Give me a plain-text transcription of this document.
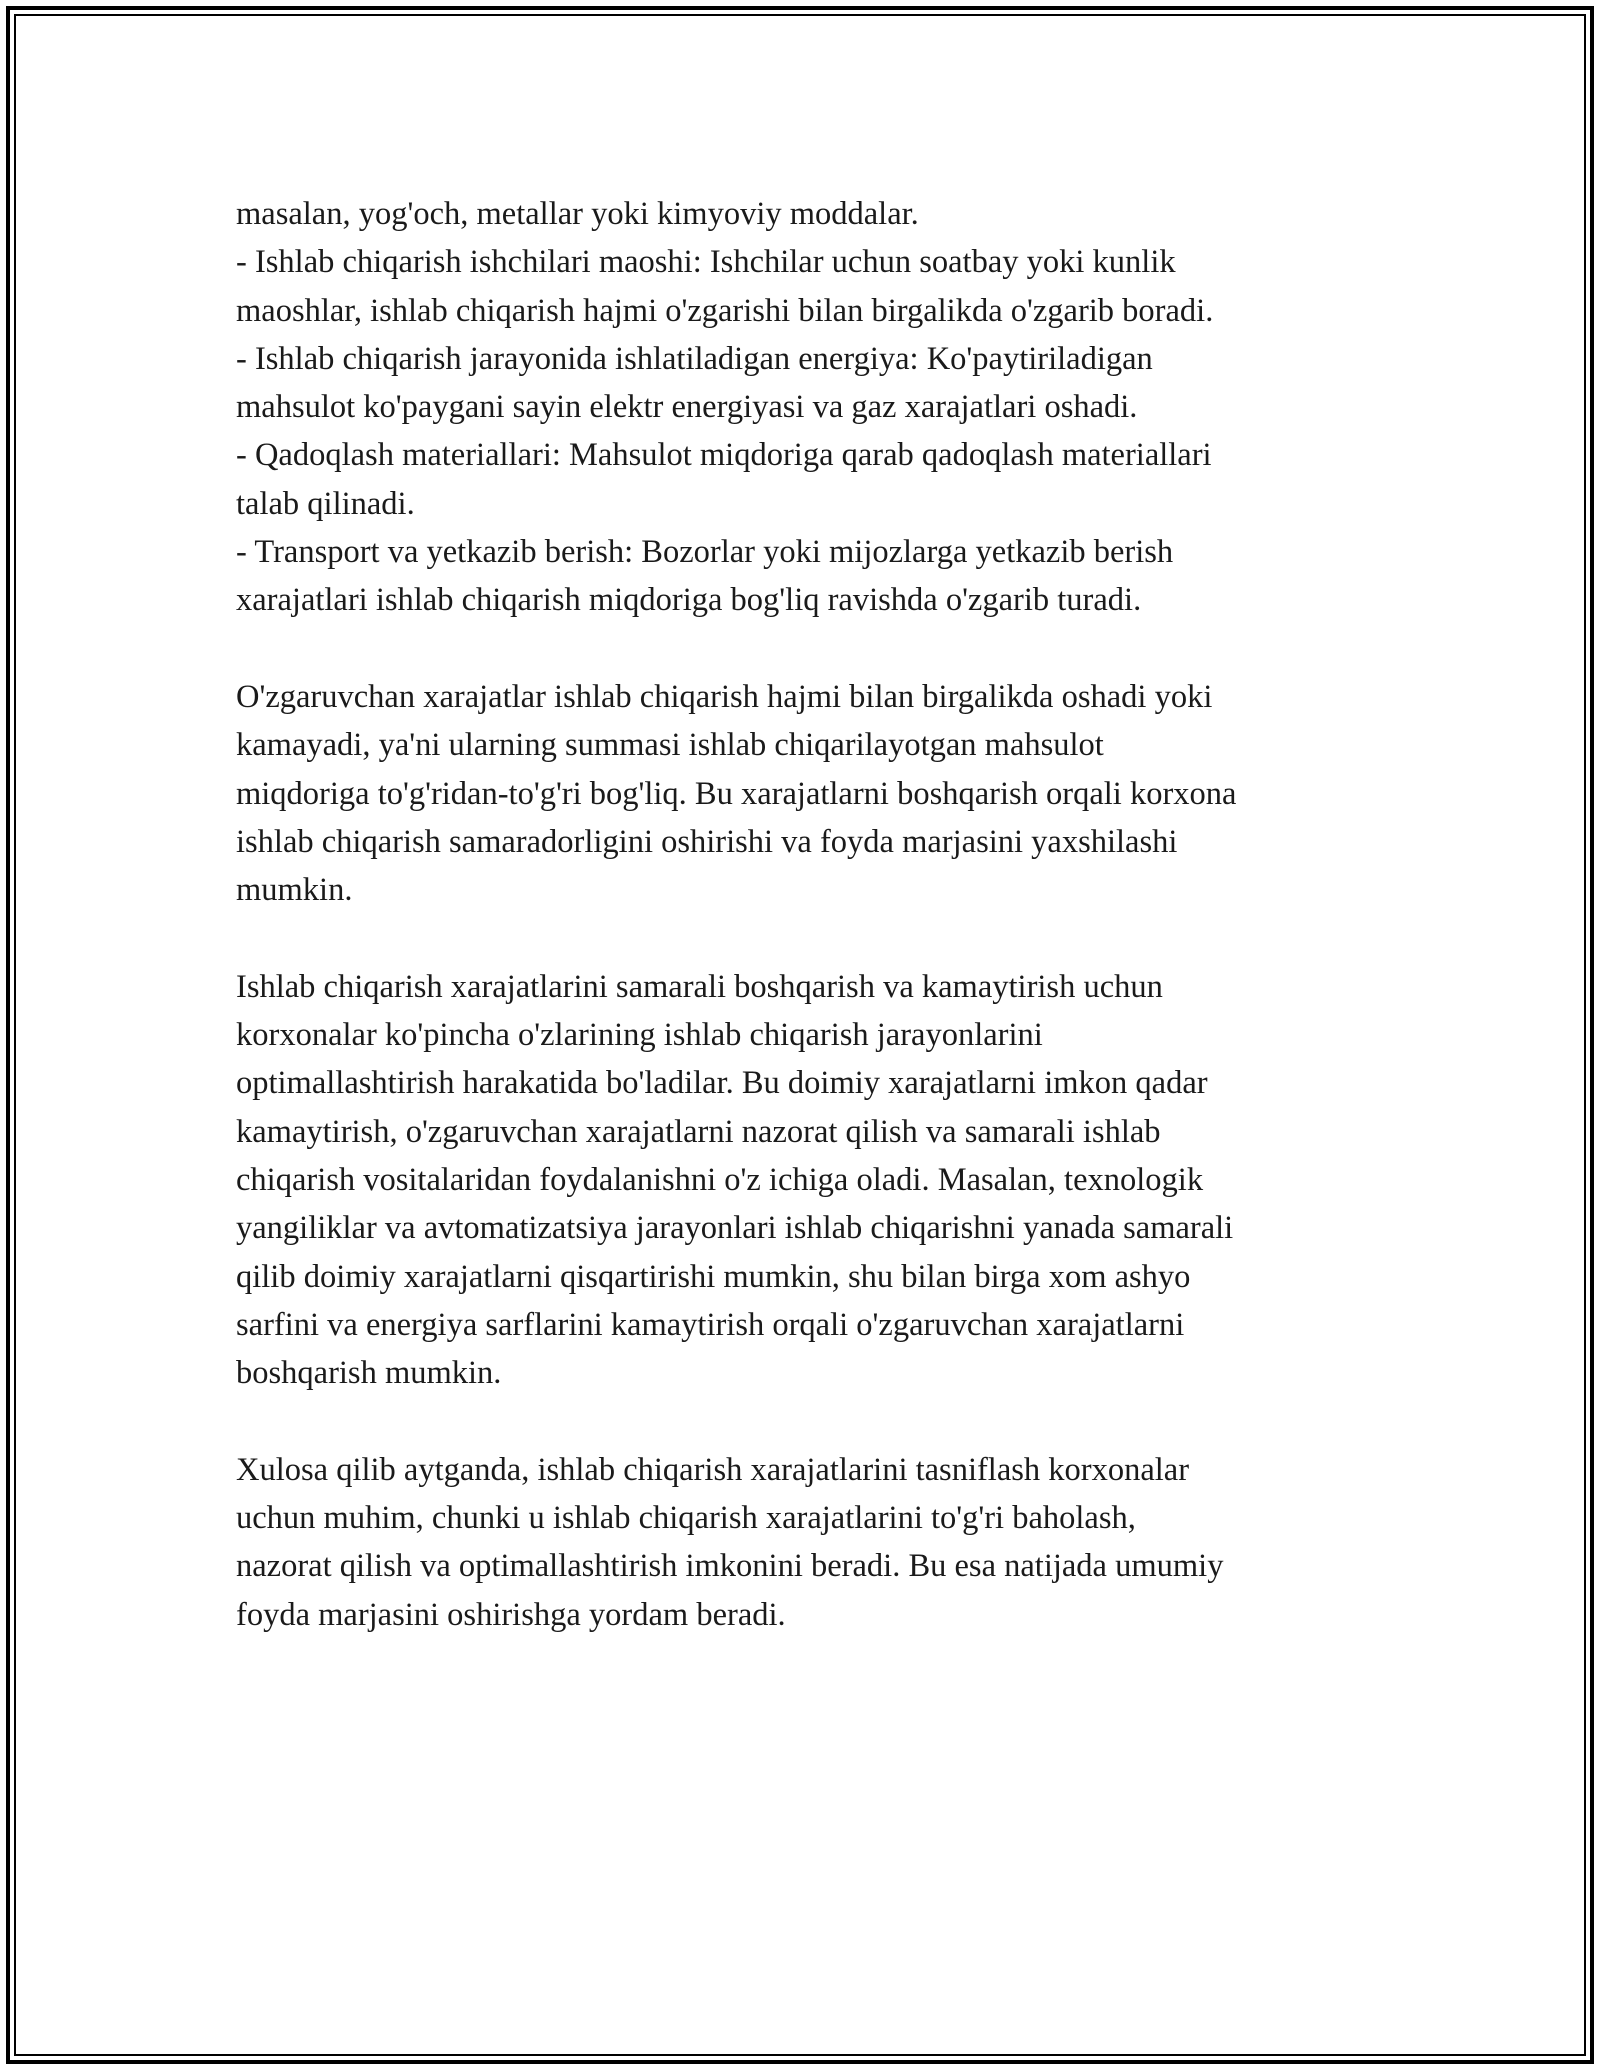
masalan, yog'och, metallar yoki kimyoviy moddalar.
- Ishlab chiqarish ishchilari maoshi: Ishchilar uchun soatbay yoki kunlik
maoshlar, ishlab chiqarish hajmi o'zgarishi bilan birgalikda o'zgarib boradi.
- Ishlab chiqarish jarayonida ishlatiladigan energiya: Ko'paytiriladigan
mahsulot ko'paygani sayin elektr energiyasi va gaz xarajatlari oshadi.
- Qadoqlash materiallari: Mahsulot miqdoriga qarab qadoqlash materiallari
talab qilinadi.
- Transport va yetkazib berish: Bozorlar yoki mijozlarga yetkazib berish
xarajatlari ishlab chiqarish miqdoriga bog'liq ravishda o'zgarib turadi.
O'zgaruvchan xarajatlar ishlab chiqarish hajmi bilan birgalikda oshadi yoki
kamayadi, ya'ni ularning summasi ishlab chiqarilayotgan mahsulot
miqdoriga to'g'ridan-to'g'ri bog'liq. Bu xarajatlarni boshqarish orqali korxona
ishlab chiqarish samaradorligini oshirishi va foyda marjasini yaxshilashi
mumkin.
Ishlab chiqarish xarajatlarini samarali boshqarish va kamaytirish uchun
korxonalar ko'pincha o'zlarining ishlab chiqarish jarayonlarini
optimallashtirish harakatida bo'ladilar. Bu doimiy xarajatlarni imkon qadar
kamaytirish, o'zgaruvchan xarajatlarni nazorat qilish va samarali ishlab
chiqarish vositalaridan foydalanishni o'z ichiga oladi. Masalan, texnologik
yangiliklar va avtomatizatsiya jarayonlari ishlab chiqarishni yanada samarali
qilib doimiy xarajatlarni qisqartirishi mumkin, shu bilan birga xom ashyo
sarfini va energiya sarflarini kamaytirish orqali o'zgaruvchan xarajatlarni
boshqarish mumkin.
Xulosa qilib aytganda, ishlab chiqarish xarajatlarini tasniflash korxonalar
uchun muhim, chunki u ishlab chiqarish xarajatlarini to'g'ri baholash,
nazorat qilish va optimallashtirish imkonini beradi. Bu esa natijada umumiy
foyda marjasini oshirishga yordam beradi.
